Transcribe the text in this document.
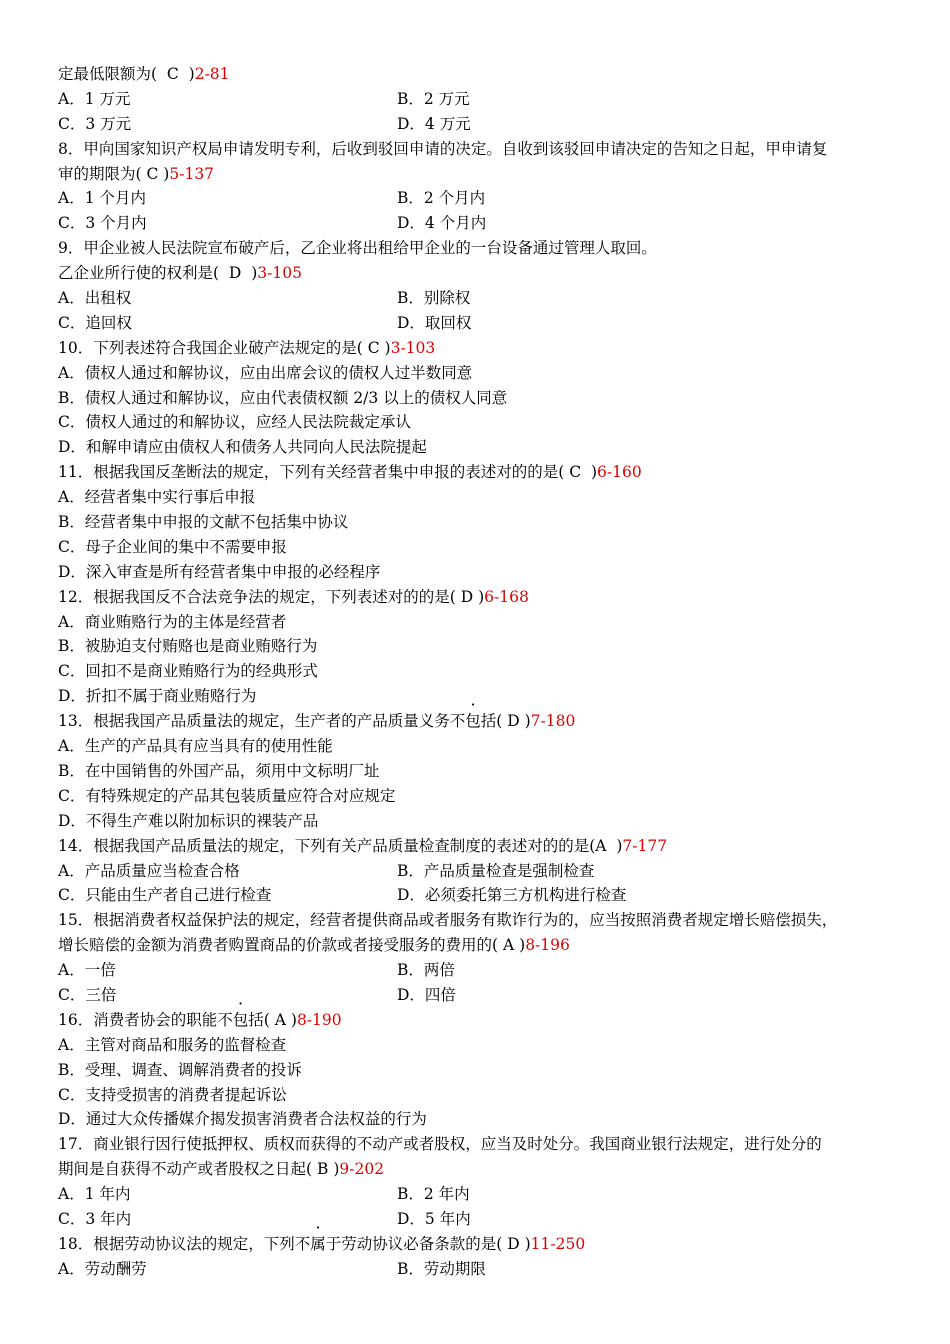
定最低限额为( C  )2-81
A．1 万元	B．2 万元
C．3 万元	D．4 万元
8．甲向国家知识产权局申请发明专利，后收到驳回申请的决定。自收到该驳回申请决定的告知之日起，甲申请复
审的期限为( C )5-137
A．1 个月内	B．2 个月内
C．3 个月内	D．4 个月内
9．甲企业被人民法院宣布破产后，乙企业将出租给甲企业的一台设备通过管理人取回。
乙企业所行使的权利是( D  )3-105
A．出租权	B．别除权
C．追回权	D．取回权
10．下列表述符合我国企业破产法规定的是( C )3-103
A．债权人通过和解协议，应由出席会议的债权人过半数同意
B．债权人通过和解协议，应由代表债权额 2/3 以上的债权人同意
C．债权人通过的和解协议，应经人民法院裁定承认
D．和解申请应由债权人和债务人共同向人民法院提起
11．根据我国反垄断法的规定，下列有关经营者集中申报的表述对的的是( C  )6-160
A．经营者集中实行事后申报
B．经营者集中申报的文献不包括集中协议
C．母子企业间的集中不需要申报
D．深入审查是所有经营者集中申报的必经程序
12．根据我国反不合法竞争法的规定，下列表述对的的是( D )6-168
A．商业贿赂行为的主体是经营者
B．被胁迫支付贿赂也是商业贿赂行为
C．回扣不是商业贿赂行为的经典形式
D．折扣不属于商业贿赂行为
13．根据我国产品质量法的规定，生产者的产品质量义务不包括( D )7-180
A．生产的产品具有应当具有的使用性能
B．在中国销售的外国产品，须用中文标明厂址
C．有特殊规定的产品其包装质量应符合对应规定
D．不得生产难以附加标识的裸装产品
14．根据我国产品质量法的规定，下列有关产品质量检查制度的表述对的的是(A  )7-177
A．产品质量应当检查合格	B．产品质量检查是强制检查
C．只能由生产者自己进行检查	D．必须委托第三方机构进行检查
15．根据消费者权益保护法的规定，经营者提供商品或者服务有欺诈行为的，应当按照消费者规定增长赔偿损失，
增长赔偿的金额为消费者购置商品的价款或者接受服务的费用的( A )8-196
A．一倍	B．两倍
C．三倍	D．四倍
16．消费者协会的职能不包括( A )8-190
A．主管对商品和服务的监督检查
B．受理、调查、调解消费者的投诉
C．支持受损害的消费者提起诉讼
D．通过大众传播媒介揭发损害消费者合法权益的行为
17．商业银行因行使抵押权、质权而获得的不动产或者股权，应当及时处分。我国商业银行法规定，进行处分的
期间是自获得不动产或者股权之日起( B )9-202
A．1 年内	B．2 年内
C．3 年内	D．5 年内
18．根据劳动协议法的规定，下列不属于劳动协议必备条款的是( D )11-250
A．劳动酬劳	B．劳动期限
